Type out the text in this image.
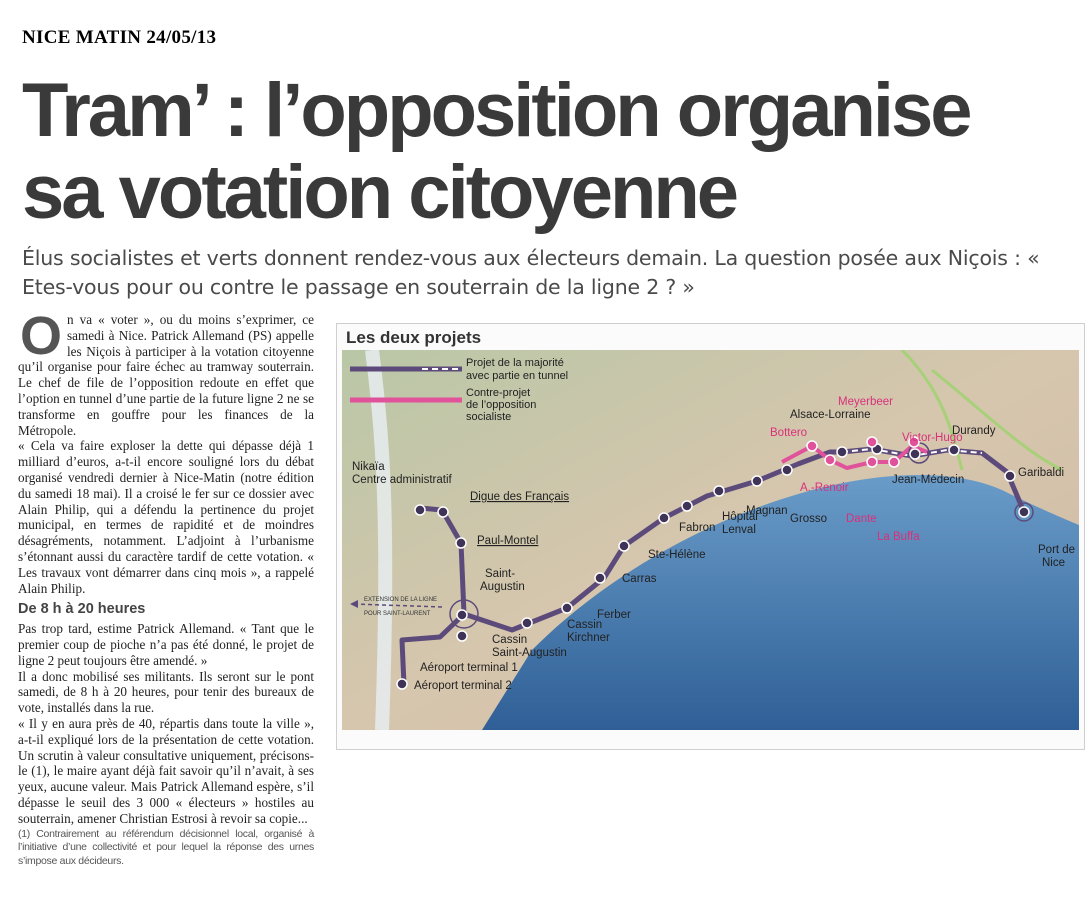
NICE MATIN 24/05/13
Tram’ : l’opposition organise
sa votation citoyenne
Élus socialistes et verts donnent rendez-vous aux électeurs demain. La question posée aux Niçois : « Etes-vous pour ou contre le passage en souterrain de la ligne 2 ? »

On va « voter », ou du moins s’exprimer, ce samedi à Nice. Patrick Allemand (PS) appelle les Niçois à participer à la votation citoyenne qu’il organise pour faire échec au tramway souterrain. Le chef de file de l’opposition redoute en effet que l’option en tunnel d’une partie de la future ligne 2 ne se transforme en gouffre pour les finances de la Métropole.

« Cela va faire exploser la dette qui dépasse déjà 1 milliard d’euros, a-t-il encore souligné lors du débat organisé vendredi dernier à Nice-Matin (notre édition du samedi 18 mai). Il a croisé le fer sur ce dossier avec Alain Philip, qui a défendu la pertinence du projet municipal, en termes de rapidité et de moindres désagréments, notamment. L’adjoint à l’urbanisme s’étonnant aussi du caractère tardif de cette votation. « Les travaux vont démarrer dans cinq mois », a rappelé Alain Philip.

De 8 h à 20 heures

Pas trop tard, estime Patrick Allemand. « Tant que le premier coup de pioche n’a pas été donné, le projet de ligne 2 peut toujours être amendé. »

Il a donc mobilisé ses militants. Ils seront sur le pont samedi, de 8 h à 20 heures, pour tenir des bureaux de vote, installés dans la rue.

« Il y en aura près de 40, répartis dans toute la ville », a-t-il expliqué lors de la présentation de cette votation. Un scrutin à valeur consultative uniquement, précisons-le (1), le maire ayant déjà fait savoir qu’il n’avait, à ses yeux, aucune valeur. Mais Patrick Allemand espère, s’il dépasse le seuil des 3 000 « électeurs » hostiles au souterrain, amener Christian Estrosi à revoir sa copie...

(1) Contrairement au référendum décisionnel local, organisé à l’initiative d’une collectivité et pour lequel la réponse des urnes s’impose aux décideurs.

Les deux projets
Projet de la majorité
avec partie en tunnel
Contre-projet
de l’opposition
socialiste
EXTENSION DE LA LIGNE
POUR SAINT-LAURENT
Nikaïa
Centre administratif
Digue des Français
Paul-Montel
Saint-
Augustin
Cassin
Saint-Augustin
Cassin
Kirchner
Aéroport terminal 1
Aéroport terminal 2
Ferber
Carras
Ste-Hélène
Fabron
Hôpital
Lenval
Magnan
Grosso
A.-Renoir
Bottero
Alsace-Lorraine
Meyerbeer
Dante
La Buffa
Victor-Hugo
Jean-Médecin
Durandy
Garibaldi
Port de
Nice
